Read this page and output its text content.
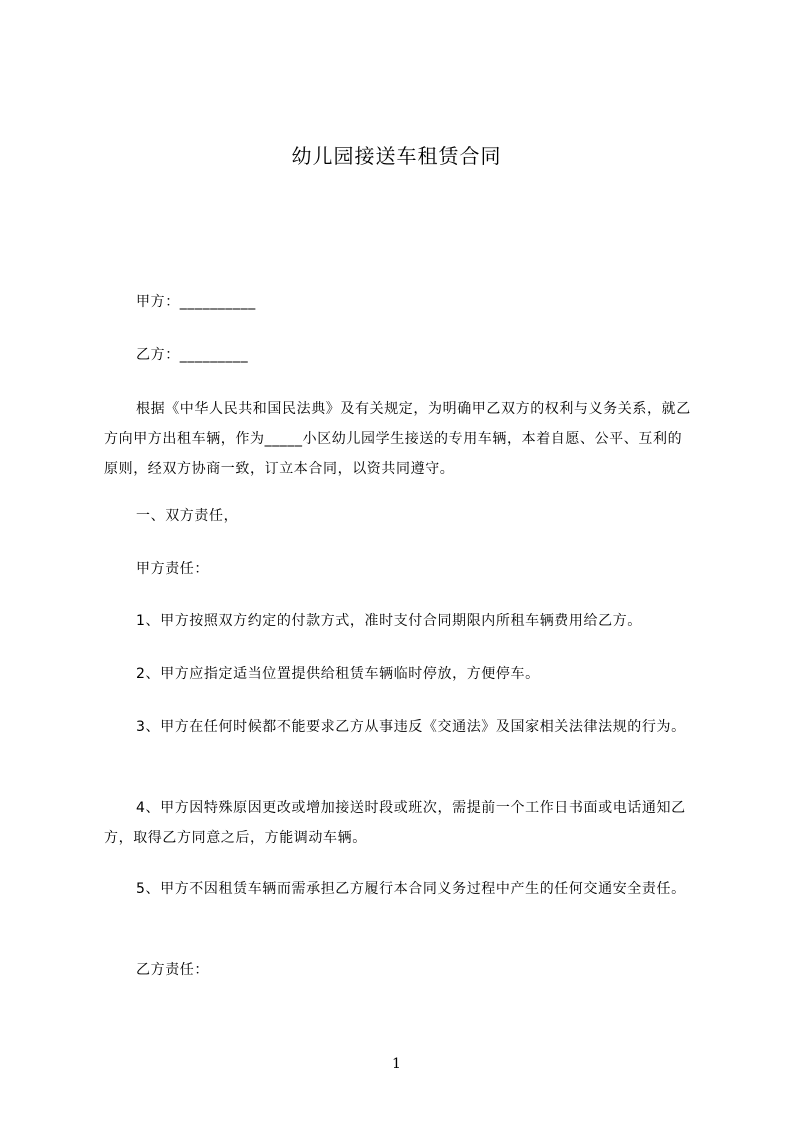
幼儿园接送车租赁合同
甲方：__________
乙方：_________
根据《中华人民共和国民法典》及有关规定，为明确甲乙双方的权利与义务关系，就乙方向甲方出租车辆，作为_____小区幼儿园学生接送的专用车辆，本着自愿、公平、互利的原则，经双方协商一致，订立本合同，以资共同遵守。
一、双方责任，
甲方责任：
1、甲方按照双方约定的付款方式，准时支付合同期限内所租车辆费用给乙方。
2、甲方应指定适当位置提供给租赁车辆临时停放，方便停车。
3、甲方在任何时候都不能要求乙方从事违反《交通法》及国家相关法律法规的行为。
4、甲方因特殊原因更改或增加接送时段或班次，需提前一个工作日书面或电话通知乙方，取得乙方同意之后，方能调动车辆。
5、甲方不因租赁车辆而需承担乙方履行本合同义务过程中产生的任何交通安全责任。
乙方责任：
1
